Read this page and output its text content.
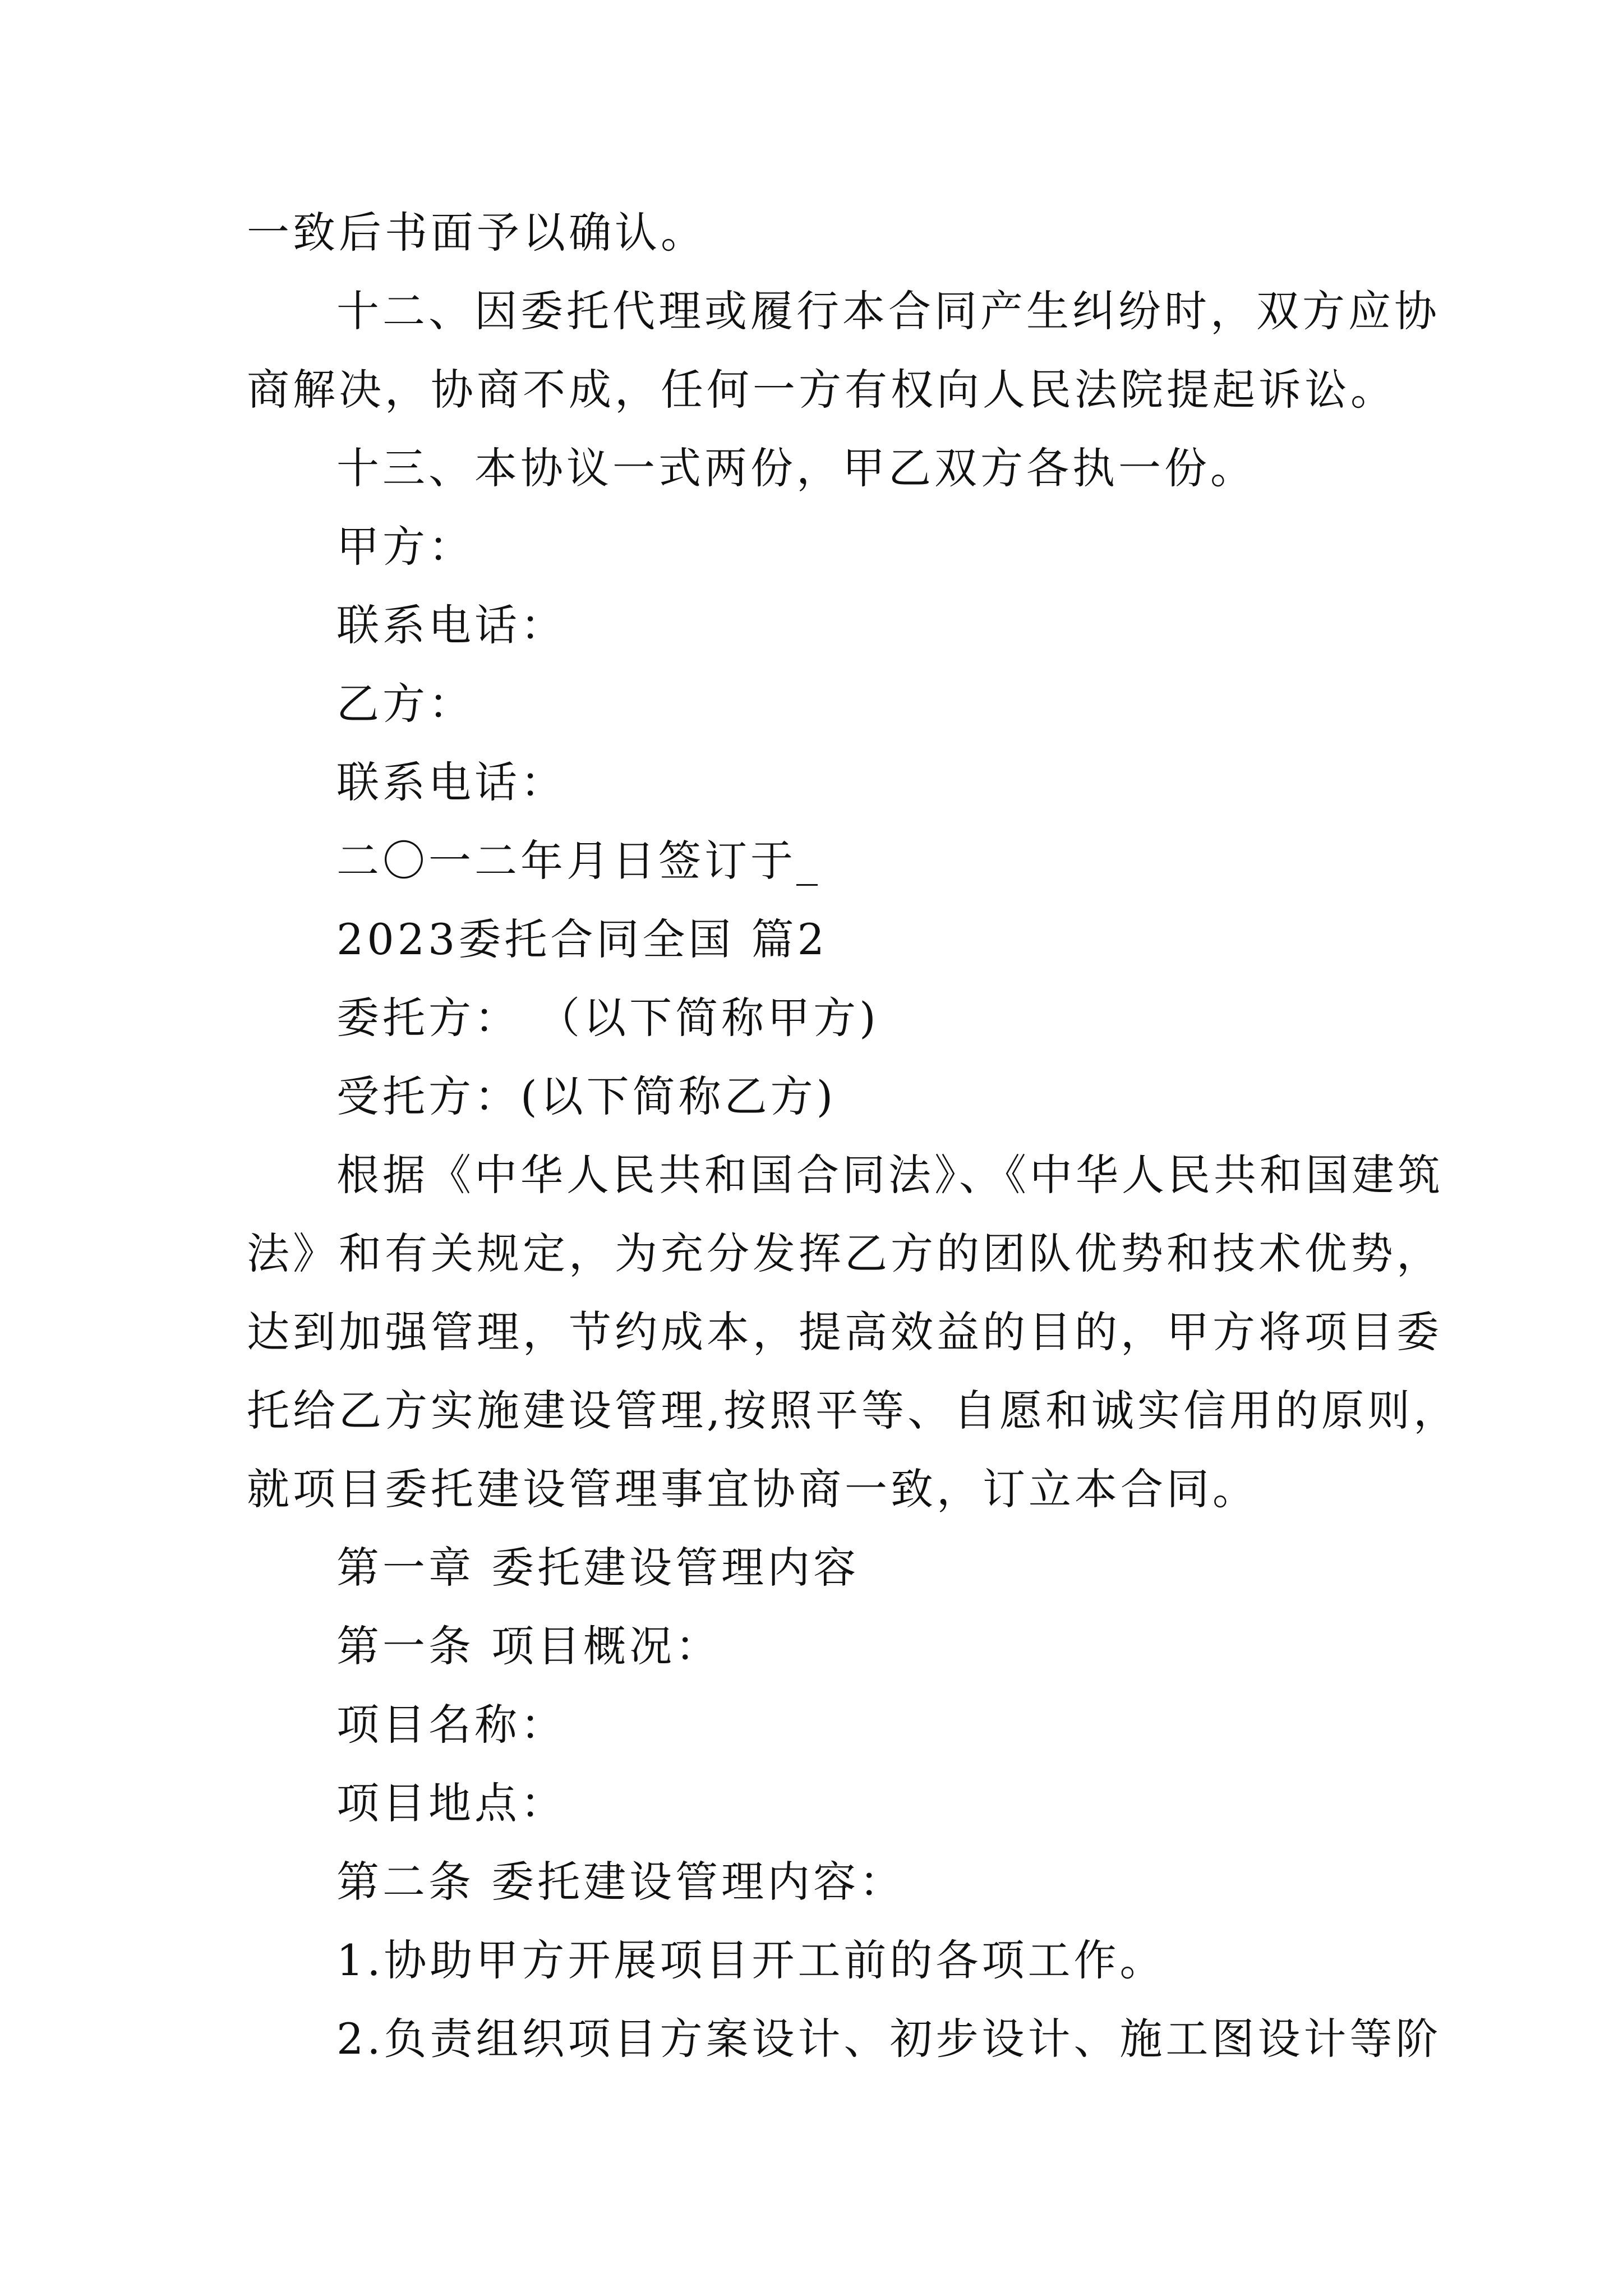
一致后书面予以确认。
十二、因委托代理或履行本合同产生纠纷时，双方应协
商解决，协商不成，任何一方有权向人民法院提起诉讼。
十三、本协议一式两份，甲乙双方各执一份。
甲方：
联系电话：
乙方：
联系电话：
二〇一二年月日签订于_
2023委托合同全国 篇2
委托方： （以下简称甲方)
受托方：(以下简称乙方)
根据《中华人民共和国合同法》、《中华人民共和国建筑
法》和有关规定，为充分发挥乙方的团队优势和技术优势，
达到加强管理，节约成本，提高效益的目的，甲方将项目委
托给乙方实施建设管理,按照平等、自愿和诚实信用的原则，
就项目委托建设管理事宜协商一致，订立本合同。
第一章 委托建设管理内容
第一条 项目概况：
项目名称：
项目地点：
第二条 委托建设管理内容：
1.协助甲方开展项目开工前的各项工作。
2.负责组织项目方案设计、初步设计、施工图设计等阶
